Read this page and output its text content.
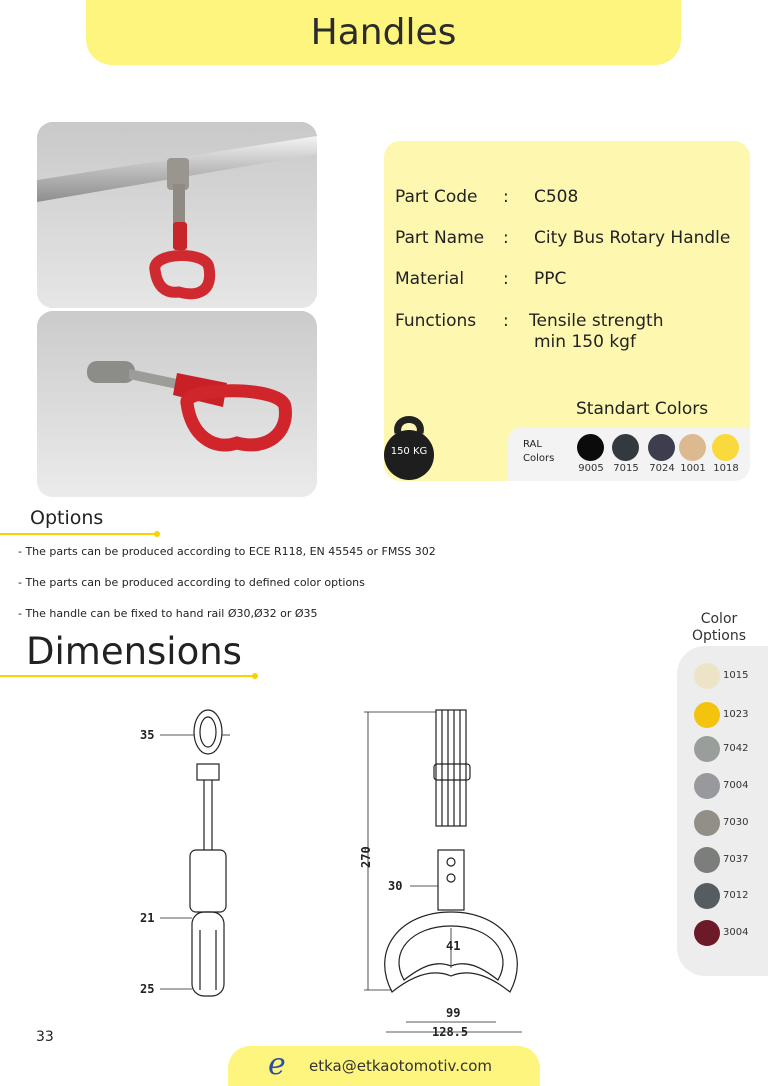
Handles
Part Code : C508
Part Name : City Bus Rotary Handle
Material : PPC
Functions : Tensile strength
min 150 kgf
Standart Colors
150 KG
RAL
Colors
9005 7015	7024 1001 1018
Options
- The parts can be produced according to ECE R118, EN 45545 or FMSS 302
- The parts can be produced according to defined color options
- The handle can be fixed to hand rail Ø30,Ø32 or Ø35
Dimensions
Color
Options
1015
1023
7042
7004
7030
7037
7012
3004
35
21
25
270
30
41
99
128.5
33
e	etka@etkaotomotiv.com
